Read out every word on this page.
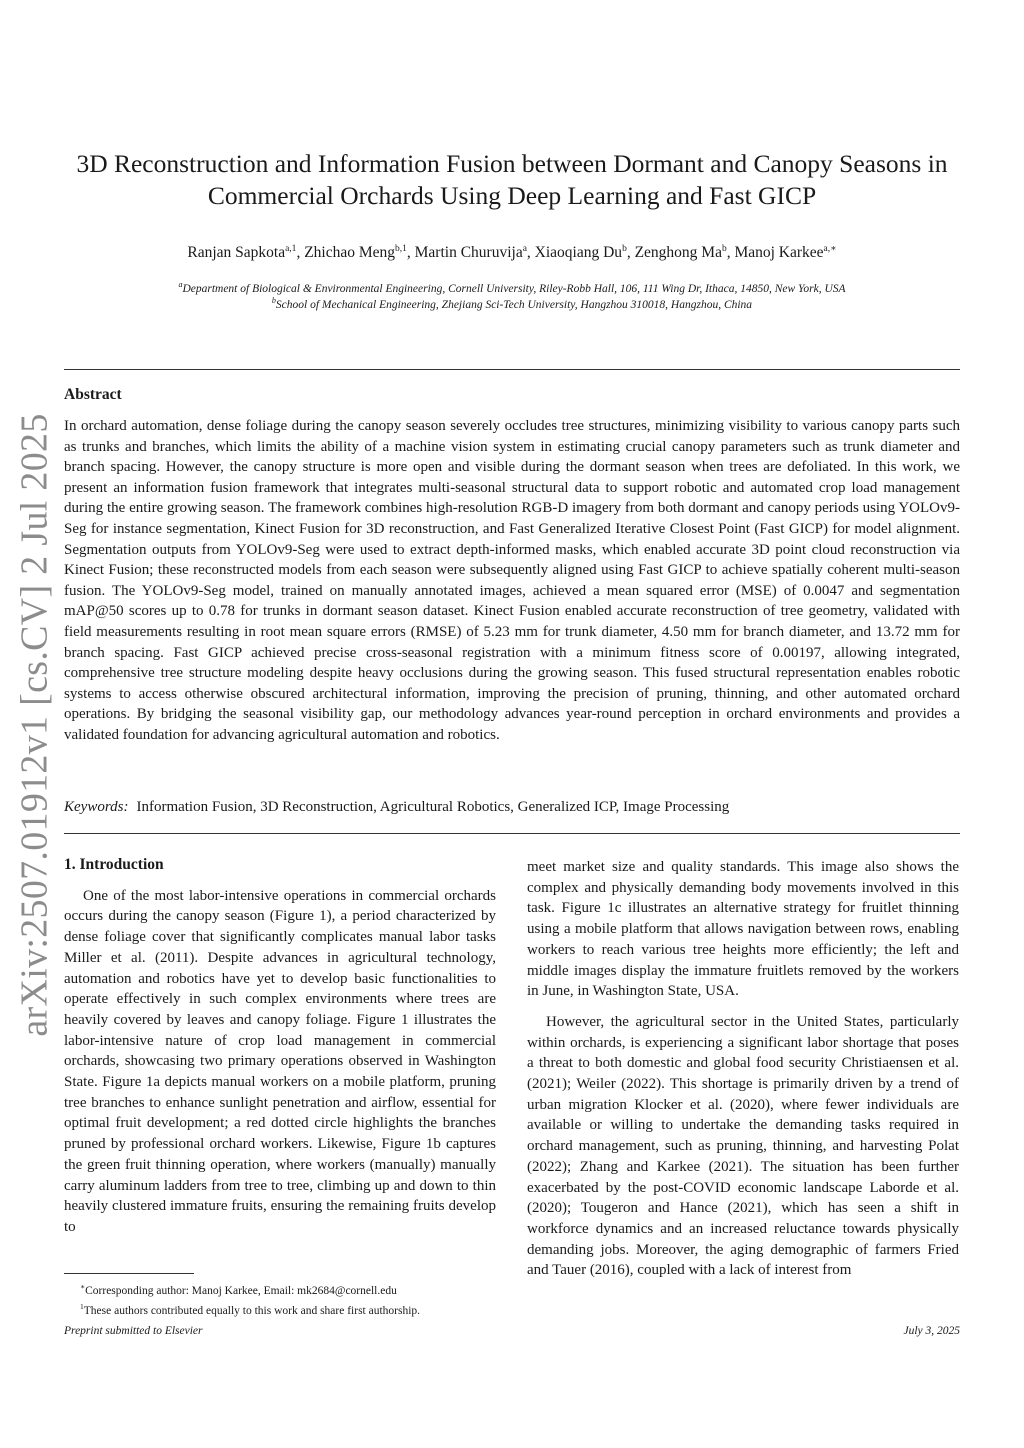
arXiv:2507.01912v1 [cs.CV] 2 Jul 2025
3D Reconstruction and Information Fusion between Dormant and Canopy Seasons in
Commercial Orchards Using Deep Learning and Fast GICP
Ranjan Sapkota$^{a,1}$, Zhichao Meng$^{b,1}$, Martin Churuvija$^a$, Xiaoqiang Du$^b$, Zenghong Ma$^b$, Manoj Karkee$^{a,∗}$
$^a$Department of Biological & Environmental Engineering, Cornell University, Riley-Robb Hall, 106, 111 Wing Dr, Ithaca, 14850, New York, USA
$^b$School of Mechanical Engineering, Zhejiang Sci-Tech University, Hangzhou 310018, Hangzhou, China
Abstract

In orchard automation, dense foliage during the canopy season severely occludes tree structures, minimizing visibility to various canopy parts such as trunks and branches, which limits the ability of a machine vision system in estimating crucial canopy parameters such as trunk diameter and branch spacing. However, the canopy structure is more open and visible during the dormant season when trees are defoliated. In this work, we present an information fusion framework that integrates multi-seasonal structural data to support robotic and automated crop load management during the entire growing season. The framework combines high-resolution RGB-D imagery from both dormant and canopy periods using YOLOv9-Seg for instance segmentation, Kinect Fusion for 3D reconstruction, and Fast Generalized Iterative Closest Point (Fast GICP) for model alignment. Segmentation outputs from YOLOv9-Seg were used to extract depth-informed masks, which enabled accurate 3D point cloud reconstruction via Kinect Fusion; these reconstructed models from each season were subsequently aligned using Fast GICP to achieve spatially coherent multi-season fusion. The YOLOv9-Seg model, trained on manually annotated images, achieved a mean squared error (MSE) of 0.0047 and segmentation mAP@50 scores up to 0.78 for trunks in dormant season dataset. Kinect Fusion enabled accurate reconstruction of tree geometry, validated with field measurements resulting in root mean square errors (RMSE) of 5.23 mm for trunk diameter, 4.50 mm for branch diameter, and 13.72 mm for branch spacing. Fast GICP achieved precise cross-seasonal registration with a minimum fitness score of 0.00197, allowing integrated, comprehensive tree structure modeling despite heavy occlusions during the growing season. This fused structural representation enables robotic systems to access otherwise obscured architectural information, improving the precision of pruning, thinning, and other automated orchard operations. By bridging the seasonal visibility gap, our methodology advances year-round perception in orchard environments and provides a validated foundation for advancing agricultural automation and robotics.

Keywords: Information Fusion, 3D Reconstruction, Agricultural Robotics, Generalized ICP, Image Processing
1. Introduction

One of the most labor-intensive operations in commercial orchards occurs during the canopy season (Figure 1), a period characterized by dense foliage cover that significantly complicates manual labor tasks Miller et al. (2011). Despite advances in agricultural technology, automation and robotics have yet to develop basic functionalities to operate effectively in such complex environments where trees are heavily covered by leaves and canopy foliage. Figure 1 illustrates the labor-intensive nature of crop load management in commercial orchards, showcasing two primary operations observed in Washington State. Figure 1a depicts manual workers on a mobile platform, pruning tree branches to enhance sunlight penetration and airflow, essential for optimal fruit development; a red dotted circle highlights the branches pruned by professional orchard workers. Likewise, Figure 1b captures the green fruit thinning operation, where workers (manually) manually carry aluminum ladders from tree to tree, climbing up and down to thin heavily clustered immature fruits, ensuring the remaining fruits develop to

meet market size and quality standards. This image also shows the complex and physically demanding body movements involved in this task. Figure 1c illustrates an alternative strategy for fruitlet thinning using a mobile platform that allows navigation between rows, enabling workers to reach various tree heights more efficiently; the left and middle images display the immature fruitlets removed by the workers in June, in Washington State, USA.

However, the agricultural sector in the United States, particularly within orchards, is experiencing a significant labor shortage that poses a threat to both domestic and global food security Christiaensen et al. (2021); Weiler (2022). This shortage is primarily driven by a trend of urban migration Klocker et al. (2020), where fewer individuals are available or willing to undertake the demanding tasks required in orchard management, such as pruning, thinning, and harvesting Polat (2022); Zhang and Karkee (2021). The situation has been further exacerbated by the post-COVID economic landscape Laborde et al. (2020); Tougeron and Hance (2021), which has seen a shift in workforce dynamics and an increased reluctance towards physically demanding jobs. Moreover, the aging demographic of farmers Fried and Tauer (2016), coupled with a lack of interest from

∗Corresponding author: Manoj Karkee, Email: mk2684@cornell.edu
$^1$These authors contributed equally to this work and share first authorship.
Preprint submitted to Elsevier	July 3, 2025
